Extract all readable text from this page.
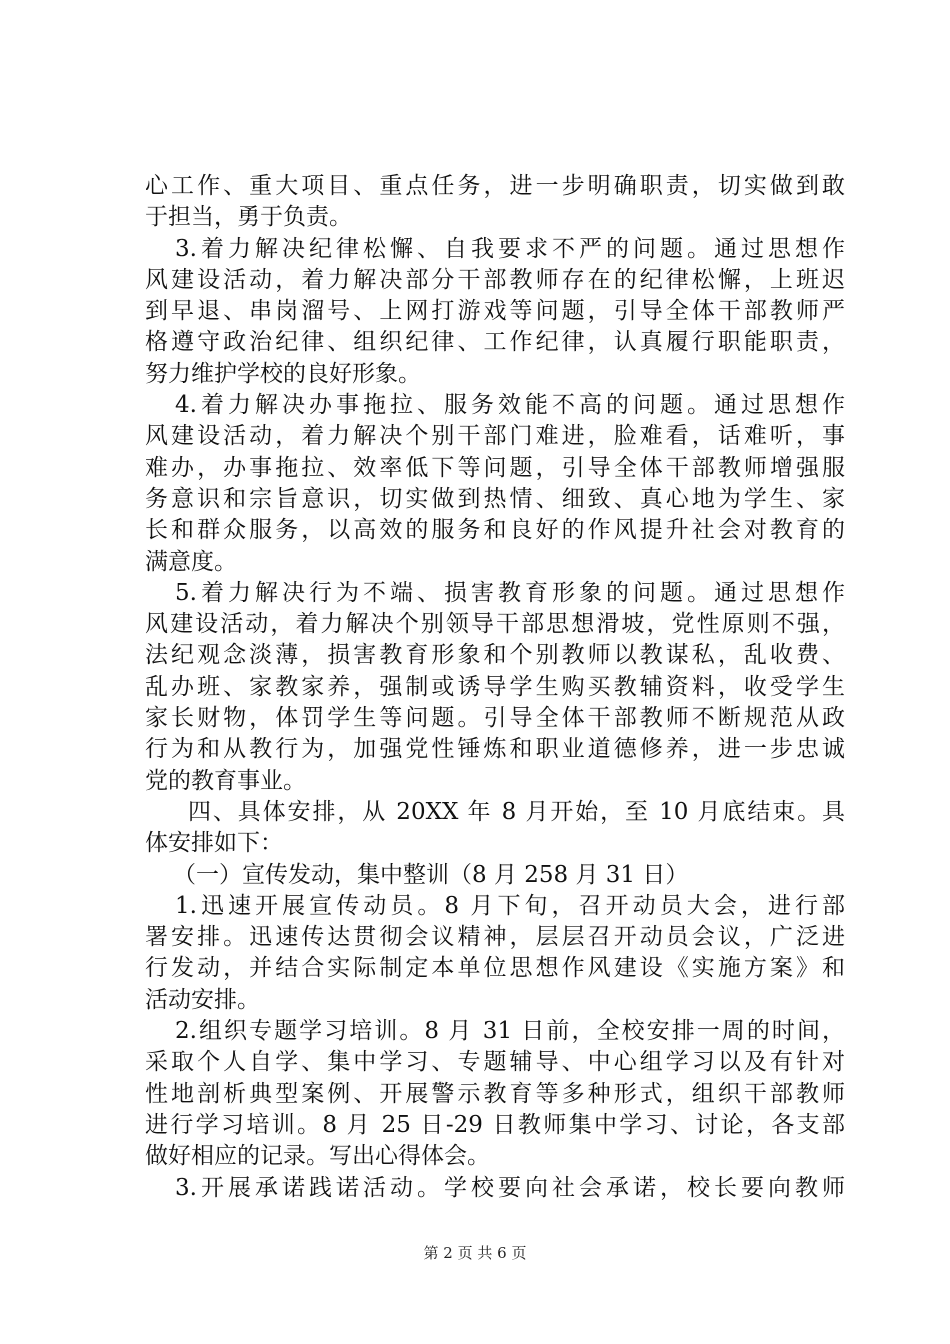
心工作、重大项目、重点任务，进一步明确职责，切实做到敢
于担当，勇于负责。
3.着力解决纪律松懈、自我要求不严的问题。通过思想作
风建设活动，着力解决部分干部教师存在的纪律松懈，上班迟
到早退、串岗溜号、上网打游戏等问题，引导全体干部教师严
格遵守政治纪律、组织纪律、工作纪律，认真履行职能职责，
努力维护学校的良好形象。
4.着力解决办事拖拉、服务效能不高的问题。通过思想作
风建设活动，着力解决个别干部门难进，脸难看，话难听，事
难办，办事拖拉、效率低下等问题，引导全体干部教师增强服
务意识和宗旨意识，切实做到热情、细致、真心地为学生、家
长和群众服务，以高效的服务和良好的作风提升社会对教育的
满意度。
5.着力解决行为不端、损害教育形象的问题。通过思想作
风建设活动，着力解决个别领导干部思想滑坡，党性原则不强，
法纪观念淡薄，损害教育形象和个别教师以教谋私，乱收费、
乱办班、家教家养，强制或诱导学生购买教辅资料，收受学生
家长财物，体罚学生等问题。引导全体干部教师不断规范从政
行为和从教行为，加强党性锤炼和职业道德修养，进一步忠诚
党的教育事业。
四、具体安排，从 20XX 年 8 月开始，至 10 月底结束。具
体安排如下：
（一）宣传发动，集中整训（8 月 258 月 31 日）
1.迅速开展宣传动员。8 月下旬，召开动员大会，进行部
署安排。迅速传达贯彻会议精神，层层召开动员会议，广泛进
行发动，并结合实际制定本单位思想作风建设《实施方案》和
活动安排。
2.组织专题学习培训。8 月 31 日前，全校安排一周的时间，
采取个人自学、集中学习、专题辅导、中心组学习以及有针对
性地剖析典型案例、开展警示教育等多种形式，组织干部教师
进行学习培训。8 月 25 日-29 日教师集中学习、讨论，各支部
做好相应的记录。写出心得体会。
3.开展承诺践诺活动。学校要向社会承诺，校长要向教师
第 2 页 共 6 页
